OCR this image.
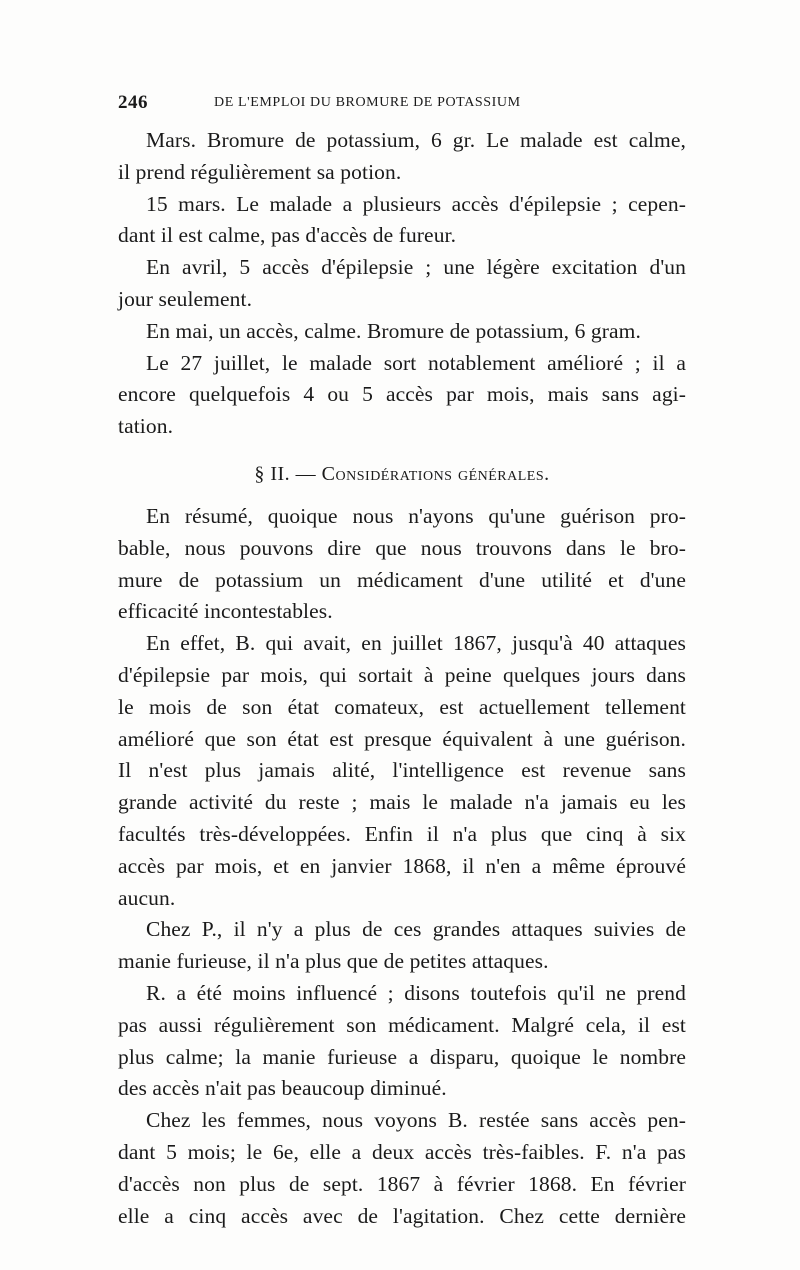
246	DE L'EMPLOI DU BROMURE DE POTASSIUM
Mars. Bromure de potassium, 6 gr. Le malade est calme,
il prend régulièrement sa potion.
15 mars. Le malade a plusieurs accès d'épilepsie ; cepen-
dant il est calme, pas d'accès de fureur.
En avril, 5 accès d'épilepsie ; une légère excitation d'un
jour seulement.
En mai, un accès, calme. Bromure de potassium, 6 gram.
Le 27 juillet, le malade sort notablement amélioré ; il a
encore quelquefois 4 ou 5 accès par mois, mais sans agi-
tation.
§ II. — Considérations générales.
En résumé, quoique nous n'ayons qu'une guérison pro-
bable, nous pouvons dire que nous trouvons dans le bro-
mure de potassium un médicament d'une utilité et d'une
efficacité incontestables.
En effet, B. qui avait, en juillet 1867, jusqu'à 40 attaques
d'épilepsie par mois, qui sortait à peine quelques jours dans
le mois de son état comateux, est actuellement tellement
amélioré que son état est presque équivalent à une guérison.
Il n'est plus jamais alité, l'intelligence est revenue sans
grande activité du reste ; mais le malade n'a jamais eu les
facultés très-développées. Enfin il n'a plus que cinq à six
accès par mois, et en janvier 1868, il n'en a même éprouvé
aucun.
Chez P., il n'y a plus de ces grandes attaques suivies de
manie furieuse, il n'a plus que de petites attaques.
R. a été moins influencé ; disons toutefois qu'il ne prend
pas aussi régulièrement son médicament. Malgré cela, il est
plus calme; la manie furieuse a disparu, quoique le nombre
des accès n'ait pas beaucoup diminué.
Chez les femmes, nous voyons B. restée sans accès pen-
dant 5 mois; le 6e, elle a deux accès très-faibles. F. n'a pas
d'accès non plus de sept. 1867 à février 1868. En février
elle a cinq accès avec de l'agitation. Chez cette dernière
